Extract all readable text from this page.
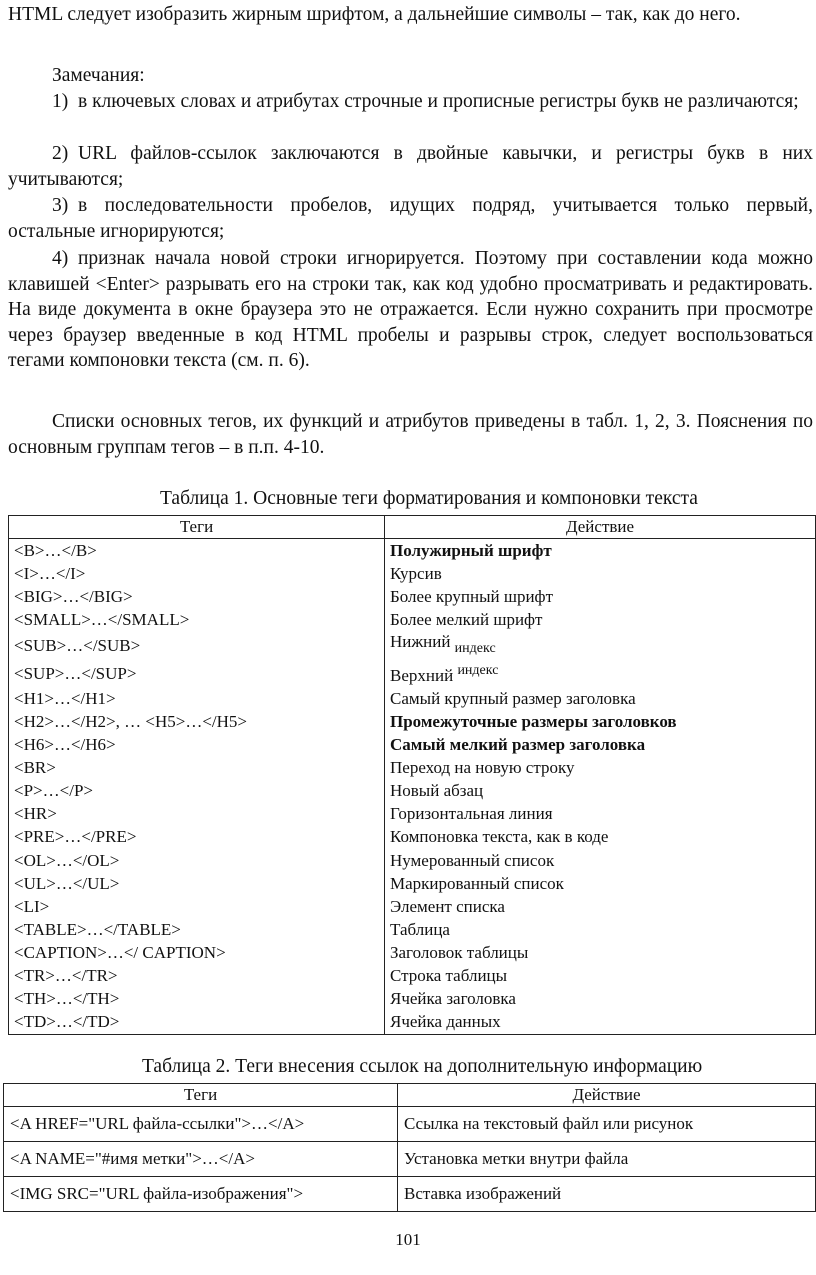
HTML следует изобразить жирным шрифтом, а дальнейшие символы – так, как до него.

Замечания:

1) в ключевых словах и атрибутах строчные и прописные регистры букв не различаются;

2) URL файлов-ссылок заключаются в двойные кавычки, и регистры букв в них учитываются;

3) в последовательности пробелов, идущих подряд, учитывается только первый, остальные игнорируются;

4) признак начала новой строки игнорируется. Поэтому при составлении кода можно клавишей <Enter> разрывать его на строки так, как код удобно просматривать и редактировать. На виде документа в окне браузера это не отражается. Если нужно сохранить при просмотре через браузер введенные в код HTML пробелы и разрывы строк, следует воспользоваться тегами компоновки текста (см. п. 6).

Списки основных тегов, их функций и атрибутов приведены в табл. 1, 2, 3. Пояснения по основным группам тегов – в п.п. 4-10.

Таблица 1. Основные теги форматирования и компоновки текста
Теги	Действие
<B>…</B>	Полужирный шрифт
<I>…</I>	Курсив
<BIG>…</BIG>	Более крупный шрифт
<SMALL>…</SMALL>	Более мелкий шрифт
<SUB>…</SUB>	Нижний $_{индекс}$
<SUP>…</SUP>	Верхний $^{индекс}$
<H1>…</H1>	Самый крупный размер заголовка
<H2>…</H2>, … <H5>…</H5>	Промежуточные размеры заголовков
<H6>…</H6>	Самый мелкий размер заголовка
<BR>	Переход на новую строку
<P>…</P>	Новый абзац
<HR>	Горизонтальная линия
<PRE>…</PRE>	Компоновка текста, как в коде
<OL>…</OL>	Нумерованный список
<UL>…</UL>	Маркированный список
<LI>	Элемент списка
<TABLE>…</TABLE>	Таблица
<CAPTION>…</ CAPTION>	Заголовок таблицы
<TR>…</TR>	Строка таблицы
<TH>…</TH>	Ячейка заголовка
<TD>…</TD>	Ячейка данных
Таблица 2. Теги внесения ссылок на дополнительную информацию
Теги	Действие
<A HREF="URL файла-ссылки">…</A>	Ссылка на текстовый файл или рисунок
<A NAME="#имя метки">…</A>	Установка метки внутри файла
<IMG SRC="URL файла-изображения">	Вставка изображений
101
